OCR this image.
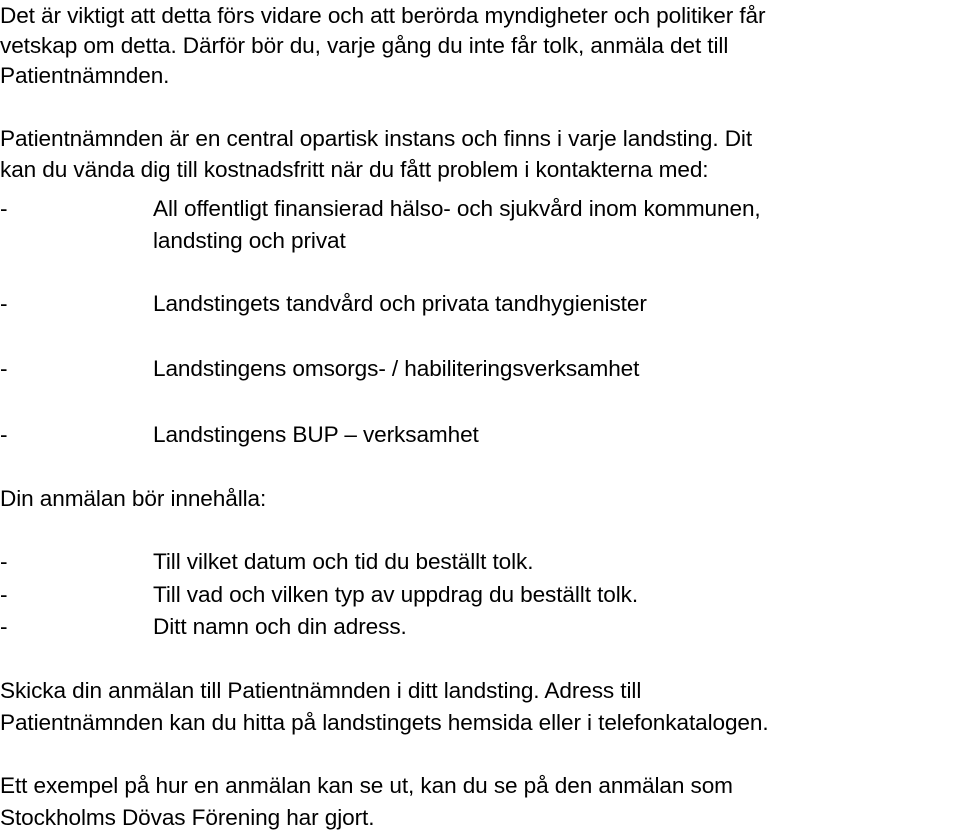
Det är viktigt att detta förs vidare och att berörda myndigheter och politiker får
vetskap om detta. Därför bör du, varje gång du inte får tolk, anmäla det till
Patientnämnden.
Patientnämnden är en central opartisk instans och finns i varje landsting. Dit
kan du vända dig till kostnadsfritt när du fått problem i kontakterna med:
-	All offentligt finansierad hälso- och sjukvård inom kommunen,
landsting och privat
-	Landstingets tandvård och privata tandhygienister
-	Landstingens omsorgs- / habiliteringsverksamhet
-	Landstingens BUP – verksamhet
Din anmälan bör innehålla:
-	Till vilket datum och tid du beställt tolk.
-	Till vad och vilken typ av uppdrag du beställt tolk.
-	Ditt namn och din adress.
Skicka din anmälan till Patientnämnden i ditt landsting. Adress till
Patientnämnden kan du hitta på landstingets hemsida eller i telefonkatalogen.
Ett exempel på hur en anmälan kan se ut, kan du se på den anmälan som
Stockholms Dövas Förening har gjort.
